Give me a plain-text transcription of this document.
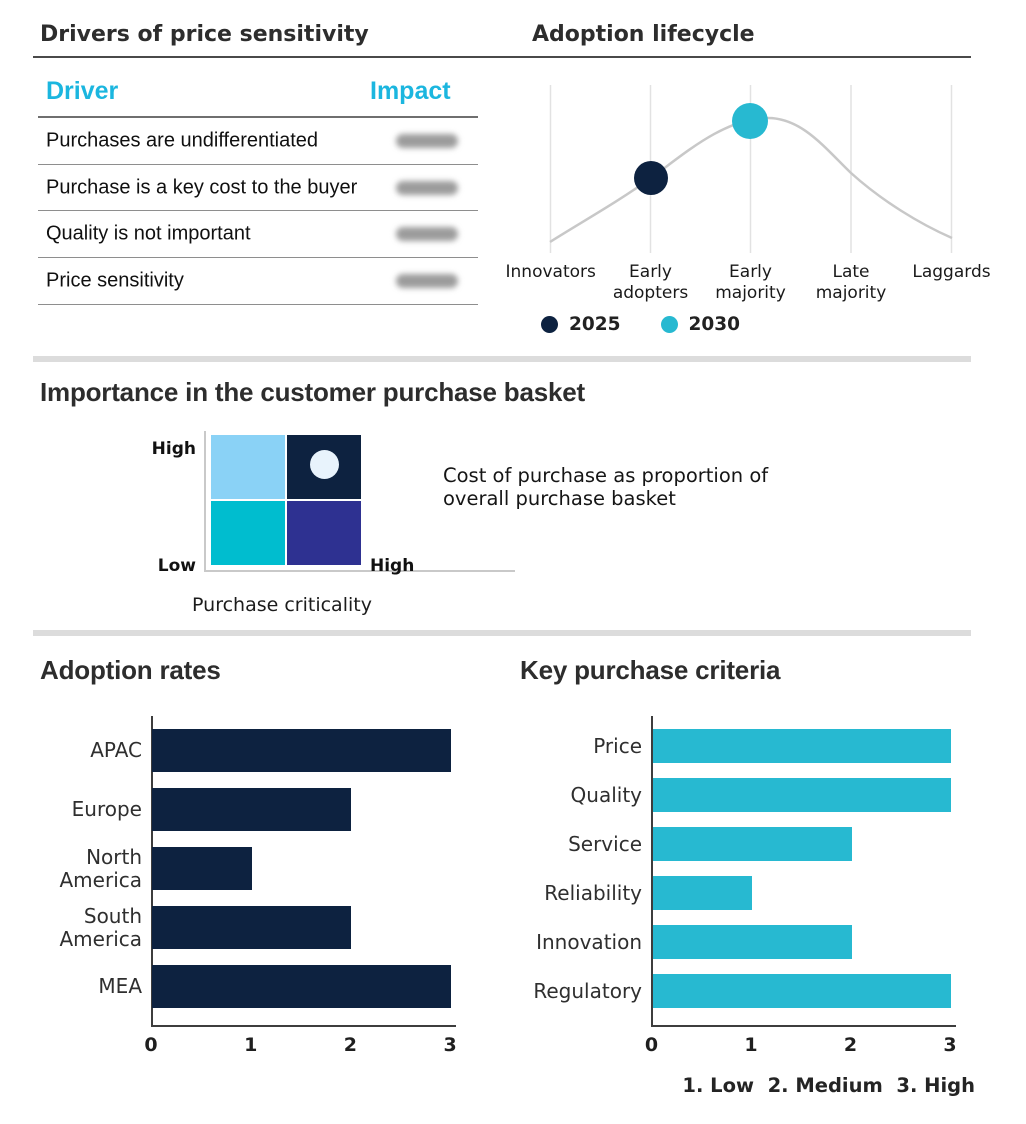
Drivers of price sensitivity	Adoption lifecycle
Driver	Impact
Purchases are undifferentiated
Purchase is a key cost to the buyer
Quality is not important
Price sensitivity	Innovators	Early adopters
Early majority
Late majority
Laggards
2025	2030
Importance in the customer purchase basket
High
Low	High
Purchase criticality
Cost of purchase as proportion of overall purchase basket
Adoption rates	Key purchase criteria
APAC
Europe
North America
South America
MEA
0	1	2	3
Price
Quality
Service
Reliability
Innovation
Regulatory
0	1	2	3
1. Low  2. Medium  3. High
